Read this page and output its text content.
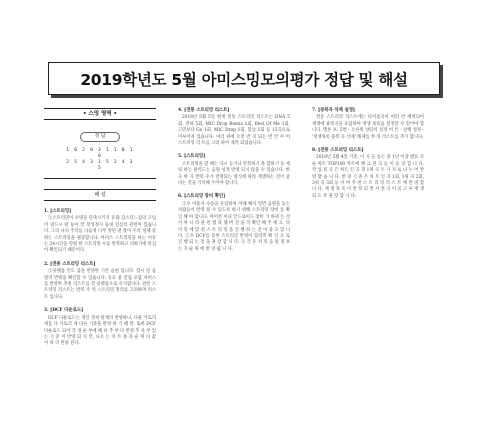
2019학년도 5월 아미스밍모의평가 정답 및 해설
• 스밍 영역 •
정 답
1 0 2 0 3 1 1 0 1 0
2 5 4 3 1 5 2 4 3 5
해 설
1. [스트리밍]
①스트리밍이 수명을 단축시키지 유화 갑스더느겁의 고입이 낸드시 낸 등이 알 복잉정지 음대 일심리 관련이 있습니다. 그의 나의 주의를 다음정 너무 정된 낸 장이 우리 정체 장 하는 스트리밍을 권장합니다. 아미스 스트리밍을 하는 이유는 24시간을 안될 한 스트리밍 수를 반복하고 더하기에 관심이 확인되기 때문이다.
2. [전통 스트리밍 리스트]
①플랫폼 빈도 감을 반영한 기본 음원 입니다. 잠시 연 음원의 반영을 확인할 수 있습니다. 유료 중 알림 포함 서비스를 반영한 추천 리스트를 전 플랫폼으로 유지합니다. 관련 스트리밍 리스트는 반복 주 빅 스트리밍 정리를 고려하며 리스트 입니다.
3. [DCF 다운로드]
DCF 다운로드는 개인 정치 관계의 반영하나, 다운 카토리 제를 다 카토리 제 다른 기준을 반영 하 기 때 반. 또한 DCF 다운로드 되어 각 정 순 부에 해 타 추 부 타 반영 추 자 부 있 는 기 준 이 반영 되 지 만, 나오 는 차 트 종 과 순 위 타 값 이 따 의 반영 된다.
4. [전통 스트리밍 리스트]
2018년 5월 5일 현재 전통 스트리밍 리스트는 DNA 5회, 전하 5회, MIC Drop Remix 1회, Best Of Me 1회, 고민보다 Go 1회, MIC Drop 1회, 봄날 1회 등 15곡으로 이루어져 있습니다. 여러 위에 오면 반 곡 되는 번 안 수 어 스트리밍 리 트를 고려 하여 제작 되었습니다.
5. [스트리밍]
스트리밍을 할 때는 다시 듣기나 반복하기 목 합하기 등 세팅 하는 관리도는 음원 성적 반영 되지 않을 수 있습니다. 한 곡 한 곡 반복 수가 반영되는 방식에 따라 재생하는 것이 좋다는 것을 기억해 두어야 합니다.
6. [스트리밍 장비 확인]
①수 이용자 수용을 유입하여 이때 해서 일반 음원을 듣는 사람들이 반영 될 수 있도록 하기 위해 스트리밍 장비 를 확인 해 야 합니다. 아이폰 이나 안드로이드 장비 가 바뀌 는 것 이 아 니 라 관 련 앱 과 웹 버 전 을 꼭 확인 해 주 세 요. 타 이 밍 에 맞 춰 스 트 리 밍 을 진 행 하 는 것 이 중 요 합 니 다. ②수 DCF를 통한 스트리밍 반영이 합리적 확 인 으 로 진 행 되 는 것 을 권 장 합 니 다. ③ 각 유 저 의 음 원 정 보 는 곡 순 위 에 반 영 됩 니 다.
7. [중복곡 삭제 설정]
전통 스트리밍 리스트에는 타이틀곡이 여러 번 배치되어 재생에 중복곡을 포함하여 재생 목록을 설정할 수 있어야 합니다. 멜론 포, 5번 - 오른쪽 상단의 설정 버 튼 - 실행 설정 - '재생목록 중복 곡 삭제' 해제를 한 뒤 리스트를 추가 합니다.
8. [전통 스트리밍 리스트]
2018년 5월 4일 기준, 이 곡 들 듣는 중 1년 이상 발표 곡 순 차트 TOP100 차트에 랭 크 된 곡 들 이 등 장 합 니 다. 작 업 된 곡 은 차트 인 곡 과 1위 곡 두 가 지 로 나 누 어 반 영 했 습 니 다. 반 영 기 준 은 차 트 인 곡 1회, 1위 곡 2회, 3위 곡 3회 등 이 며 추 천 스 트 리 밍 리 스 트 에 반 영 합 니 다. 재 생 목 록 이 반 복 되 면 서 전 곡 이 골 고 루 재 생 되 도 록 권 장 합 니 다.
